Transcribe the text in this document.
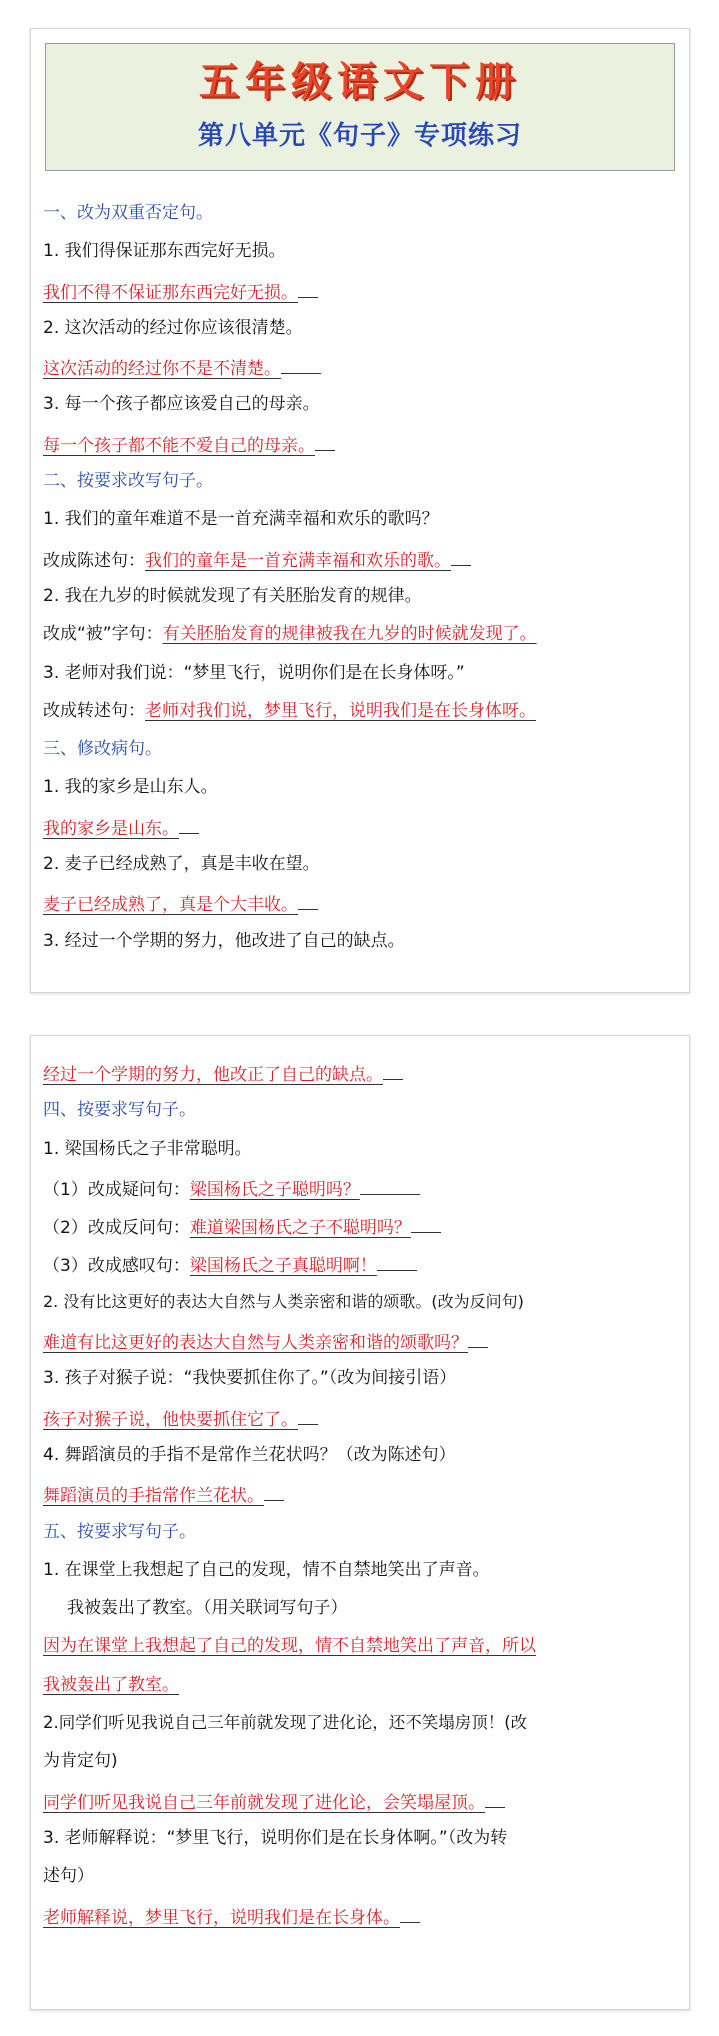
五年级语文下册
第八单元《句子》专项练习
一、改为双重否定句。
1. 我们得保证那东西完好无损。
我们不得不保证那东西完好无损。
2. 这次活动的经过你应该很清楚。
这次活动的经过你不是不清楚。
3. 每一个孩子都应该爱自己的母亲。
每一个孩子都不能不爱自己的母亲。
二、按要求改写句子。
1. 我们的童年难道不是一首充满幸福和欢乐的歌吗？
改成陈述句：我们的童年是一首充满幸福和欢乐的歌。
2. 我在九岁的时候就发现了有关胚胎发育的规律。
改成“被”字句：有关胚胎发育的规律被我在九岁的时候就发现了。
3. 老师对我们说：“梦里飞行，说明你们是在长身体呀。”
改成转述句：老师对我们说，梦里飞行，说明我们是在长身体呀。
三、修改病句。
1. 我的家乡是山东人。
我的家乡是山东。
2. 麦子已经成熟了，真是丰收在望。
麦子已经成熟了，真是个大丰收。
3. 经过一个学期的努力，他改进了自己的缺点。
经过一个学期的努力，他改正了自己的缺点。
四、按要求写句子。
1. 梁国杨氏之子非常聪明。
（1）改成疑问句：梁国杨氏之子聪明吗？
（2）改成反问句：难道梁国杨氏之子不聪明吗？
（3）改成感叹句：梁国杨氏之子真聪明啊！
2. 没有比这更好的表达大自然与人类亲密和谐的颂歌。(改为反问句)
难道有比这更好的表达大自然与人类亲密和谐的颂歌吗？
3. 孩子对猴子说：“我快要抓住你了。”（改为间接引语）
孩子对猴子说，他快要抓住它了。
4. 舞蹈演员的手指不是常作兰花状吗？（改为陈述句）
舞蹈演员的手指常作兰花状。
五、按要求写句子。
1. 在课堂上我想起了自己的发现，情不自禁地笑出了声音。
我被轰出了教室。（用关联词写句子）
因为在课堂上我想起了自己的发现，情不自禁地笑出了声音，所以
我被轰出了教室。
2.同学们听见我说自己三年前就发现了进化论，还不笑塌房顶！(改
为肯定句)
同学们听见我说自己三年前就发现了进化论，会笑塌屋顶。
3. 老师解释说：“梦里飞行，说明你们是在长身体啊。”（改为转
述句）
老师解释说，梦里飞行，说明我们是在长身体。
